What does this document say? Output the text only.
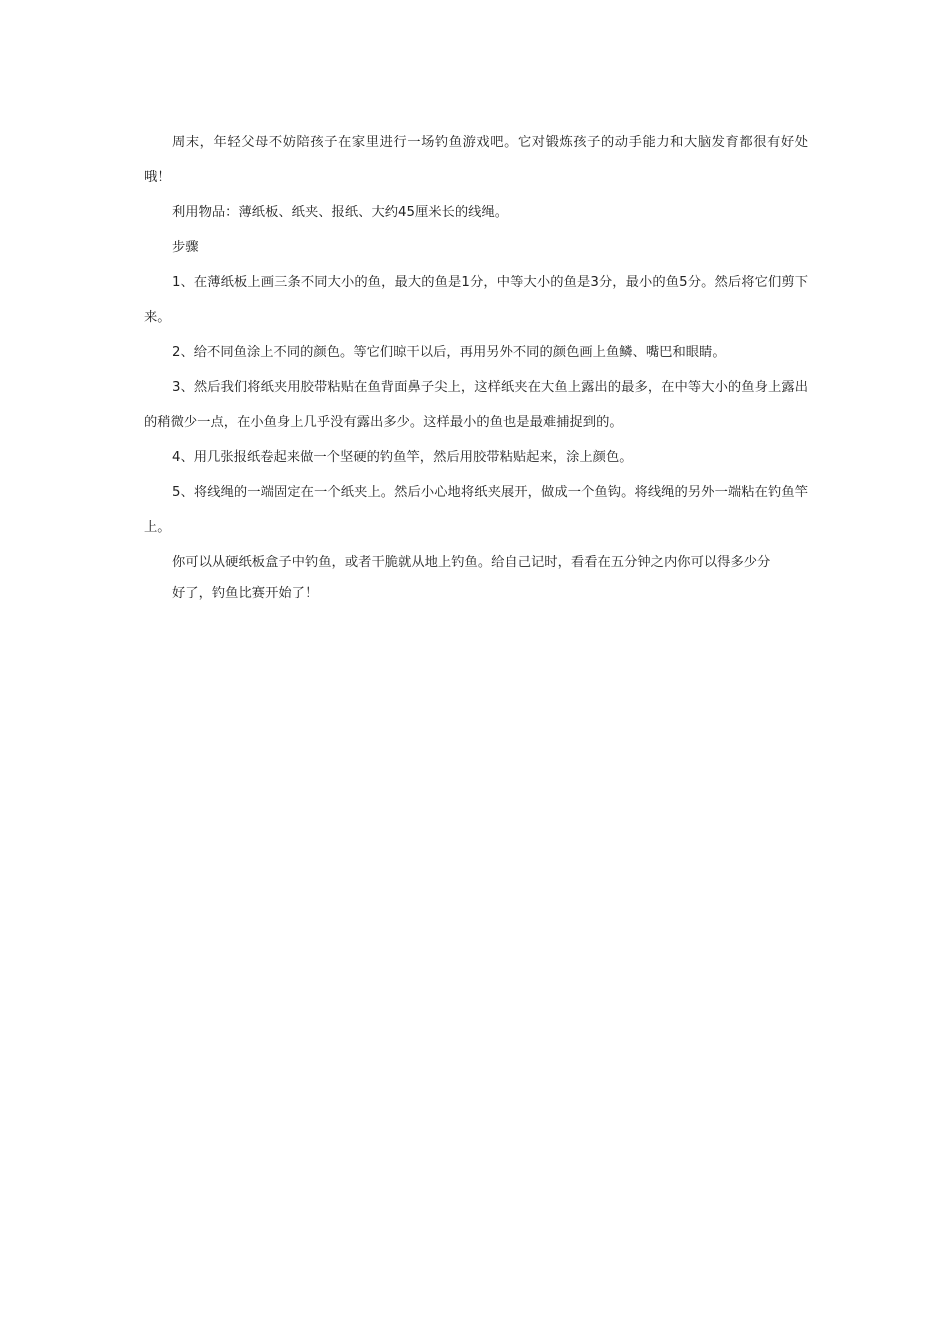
周末，年轻父母不妨陪孩子在家里进行一场钓鱼游戏吧。它对锻炼孩子的动手能力和大脑发育都很有好处哦！

利用物品：薄纸板、纸夹、报纸、大约45厘米长的线绳。

步骤

1、在薄纸板上画三条不同大小的鱼，最大的鱼是1分，中等大小的鱼是3分，最小的鱼5分。然后将它们剪下来。

2、给不同鱼涂上不同的颜色。等它们晾干以后，再用另外不同的颜色画上鱼鳞、嘴巴和眼睛。

3、然后我们将纸夹用胶带粘贴在鱼背面鼻子尖上，这样纸夹在大鱼上露出的最多，在中等大小的鱼身上露出的稍微少一点，在小鱼身上几乎没有露出多少。这样最小的鱼也是最难捕捉到的。

4、用几张报纸卷起来做一个坚硬的钓鱼竿，然后用胶带粘贴起来，涂上颜色。

5、将线绳的一端固定在一个纸夹上。然后小心地将纸夹展开，做成一个鱼钩。将线绳的另外一端粘在钓鱼竿上。

你可以从硬纸板盒子中钓鱼，或者干脆就从地上钓鱼。给自己记时，看看在五分钟之内你可以得多少分

好了，钓鱼比赛开始了！
